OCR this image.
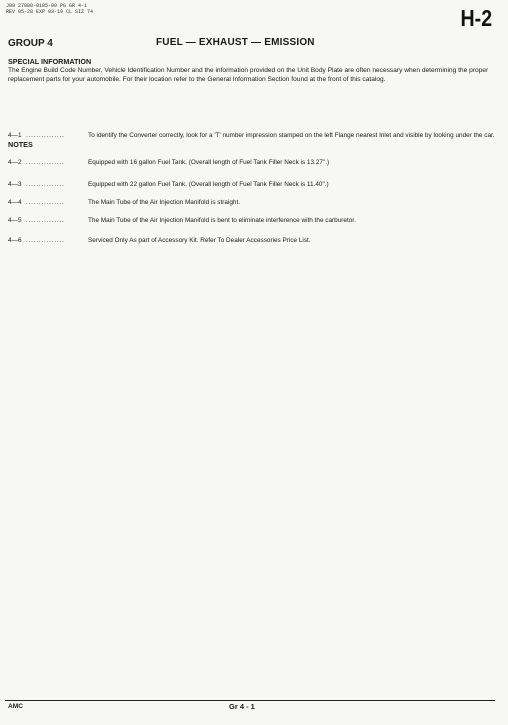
J09 27080-0185-09 PG GR 4-1
REV 05-28 EXP 03-19 CL SIZ 74	H-2
GROUP 4	FUEL — EXHAUST — EMISSION
SPECIAL INFORMATION
The Engine Build Code Number, Vehicle Identification Number and the information provided on the Unit Body Plate are often necessary when determining the proper replacement parts for your automobile. For their location refer to the General Information Section found at the front of this catalog.
NOTES
4—1 ...............	To identify the Converter correctly, look for a 'T' number impression stamped on the left Flange nearest Inlet and visible by looking under the car.
4—2 ...............	Equipped with 16 gallon Fuel Tank. (Overall length of Fuel Tank Filler Neck is 13.27".)
4—3 ...............	Equipped with 22 gallon Fuel Tank. (Overall length of Fuel Tank Filler Neck is 11.40".)
4—4 ...............	The Main Tube of the Air Injection Manifold is straight.
4—5 ...............	The Main Tube of the Air Injection Manifold is bent to eliminate interference with the carburetor.
4—6 ...............	Serviced Only As part of Accessory Kit. Refer To Dealer Accessories Price List.
AMC	Gr 4 - 1
